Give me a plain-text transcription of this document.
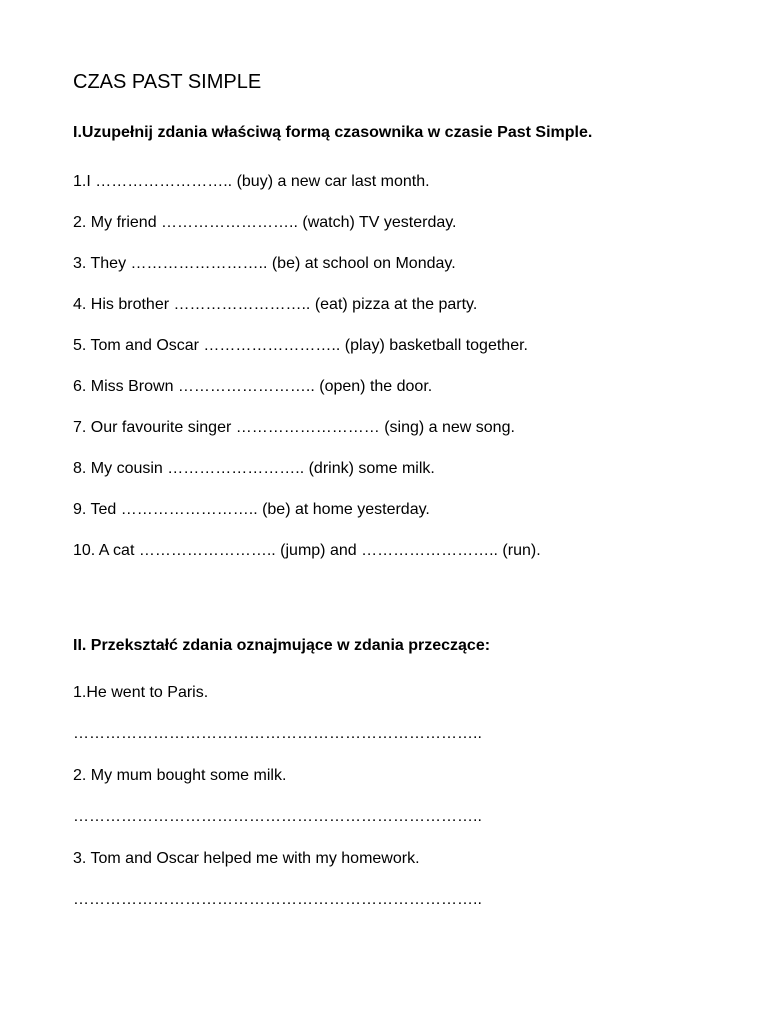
CZAS PAST SIMPLE
I.Uzupełnij zdania właściwą formą czasownika w czasie Past Simple.
1.I …………………….. (buy) a new car last month.
2. My friend …………………….. (watch) TV yesterday.
3. They …………………….. (be) at school on Monday.
4. His brother …………………….. (eat) pizza at the party.
5. Tom and Oscar …………………….. (play) basketball together.
6. Miss Brown …………………….. (open) the door.
7. Our favourite singer ……………………… (sing) a new song.
8. My cousin …………………….. (drink) some milk.
9. Ted …………………….. (be) at home yesterday.
10. A cat …………………….. (jump) and …………………….. (run).
II. Przekształć zdania oznajmujące w zdania przeczące:
1.He went to Paris.
…………………………………………………………………..
2. My mum bought some milk.
…………………………………………………………………..
3. Tom and Oscar helped me with my homework.
…………………………………………………………………..
